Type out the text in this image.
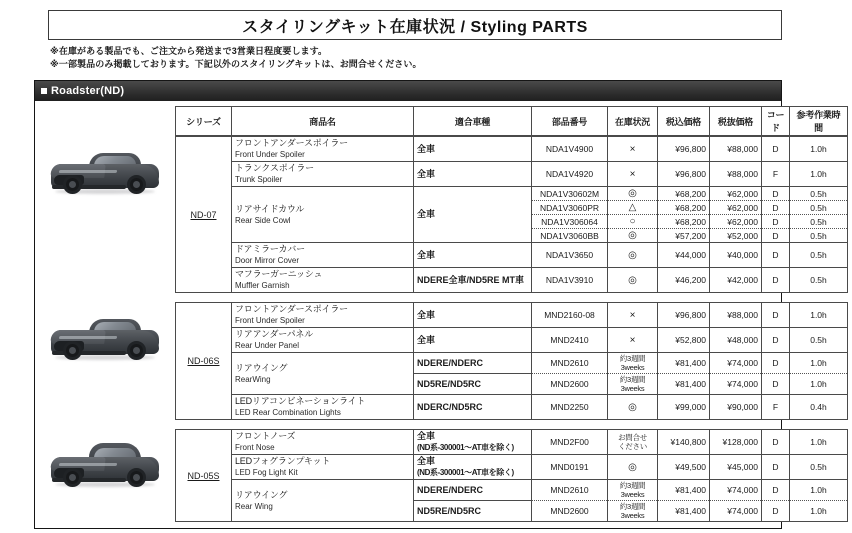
スタイリングキット在庫状況 / Styling PARTS
※在庫がある製品でも、ご注文から発送まで3営業日程度要します。
※一部製品のみ掲載しております。下記以外のスタイリングキットは、お問合せください。
Roadster(ND)
シリーズ	商品名	適合車種	部品番号	在庫状況	税込価格	税抜価格	コード	参考作業時間
ND-07	フロントアンダースポイラー
Front Under Spoiler	全車	NDA1V4900	×	¥96,800	¥88,000	D	1.0h

	トランクスポイラー
Trunk Spoiler	全車	NDA1V4920	×	¥96,800	¥88,000	F	1.0h

	リアサイドカウル
Rear Side Cowl	全車	NDA1V30602M	◎	¥68,200	¥62,000	D	0.5h
			NDA1V3060PR	△	¥68,200	¥62,000	D	0.5h
			NDA1V306064	○	¥68,200	¥62,000	D	0.5h
			NDA1V3060BB	◎	¥57,200	¥52,000	D	0.5h

	ドアミラーカバー
Door Mirror Cover	全車	NDA1V3650	◎	¥44,000	¥40,000	D	0.5h

	マフラーガーニッシュ
Muffler Garnish	NDERE全車/ND5RE MT車	NDA1V3910	◎	¥46,200	¥42,000	D	0.5h
ND-06S	フロントアンダースポイラー
Front Under Spoiler	全車	MND2160-08	×	¥96,800	¥88,000	D	1.0h

	リアアンダーパネル
Rear Under Panel	全車	MND2410	×	¥52,800	¥48,000	D	0.5h

	リアウイング
RearWing	NDERE/NDERC	MND2610	約3週間
3weeks	¥81,400	¥74,000	D	1.0h

		ND5RE/ND5RC	MND2600	約3週間
3weeks	¥81,400	¥74,000	D	1.0h

	LEDリアコンビネーションライト
LED Rear Combination Lights	NDERC/ND5RC	MND2250	◎	¥99,000	¥90,000	F	0.4h
ND-05S	フロントノーズ
Front Nose	全車
(ND系-300001〜AT車を除く)	MND2F00	お問合せ
ください	¥140,800	¥128,000	D	1.0h

	LEDフォグランプキット
LED Fog Light Kit	全車
(ND系-300001〜AT車を除く)	MND0191	◎	¥49,500	¥45,000	D	0.5h

	リアウイング
Rear Wing	NDERE/NDERC	MND2610	約3週間
3weeks	¥81,400	¥74,000	D	1.0h

		ND5RE/ND5RC	MND2600	約3週間
3weeks	¥81,400	¥74,000	D	1.0h
